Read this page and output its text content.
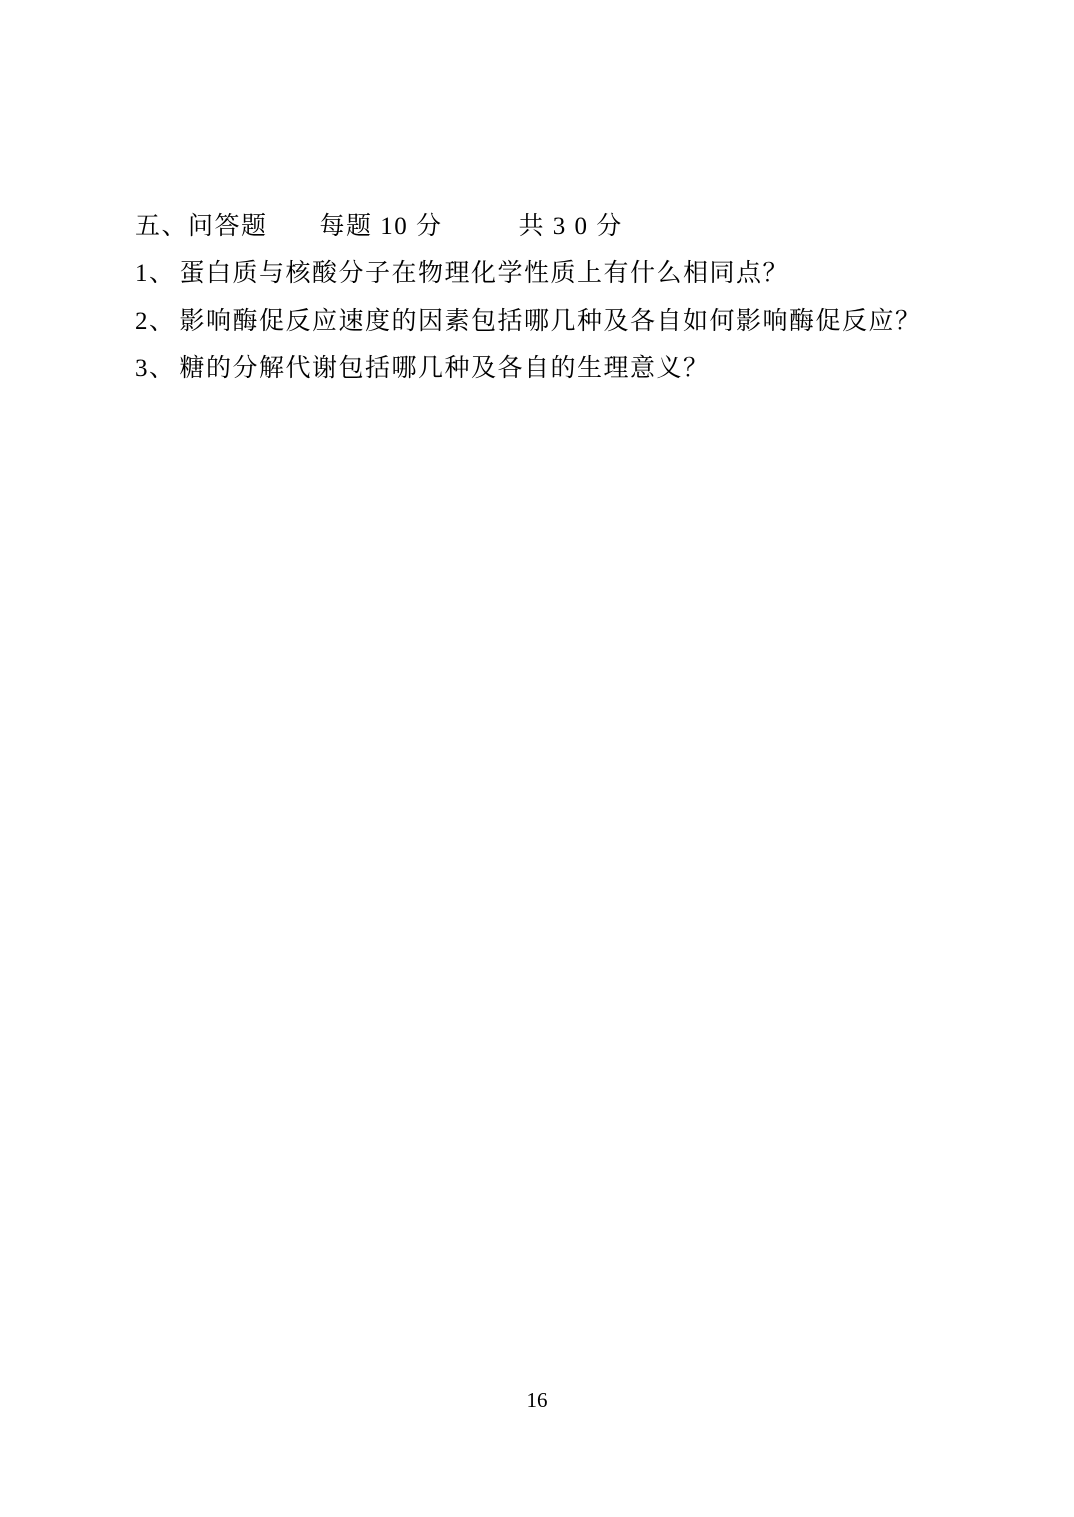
五、问答题 每题 10 分	共 3 0 分
1、 蛋白质与核酸分子在物理化学性质上有什么相同点？
2、 影响酶促反应速度的因素包括哪几种及各自如何影响酶促反应？
3、 糖的分解代谢包括哪几种及各自的生理意义？
16
